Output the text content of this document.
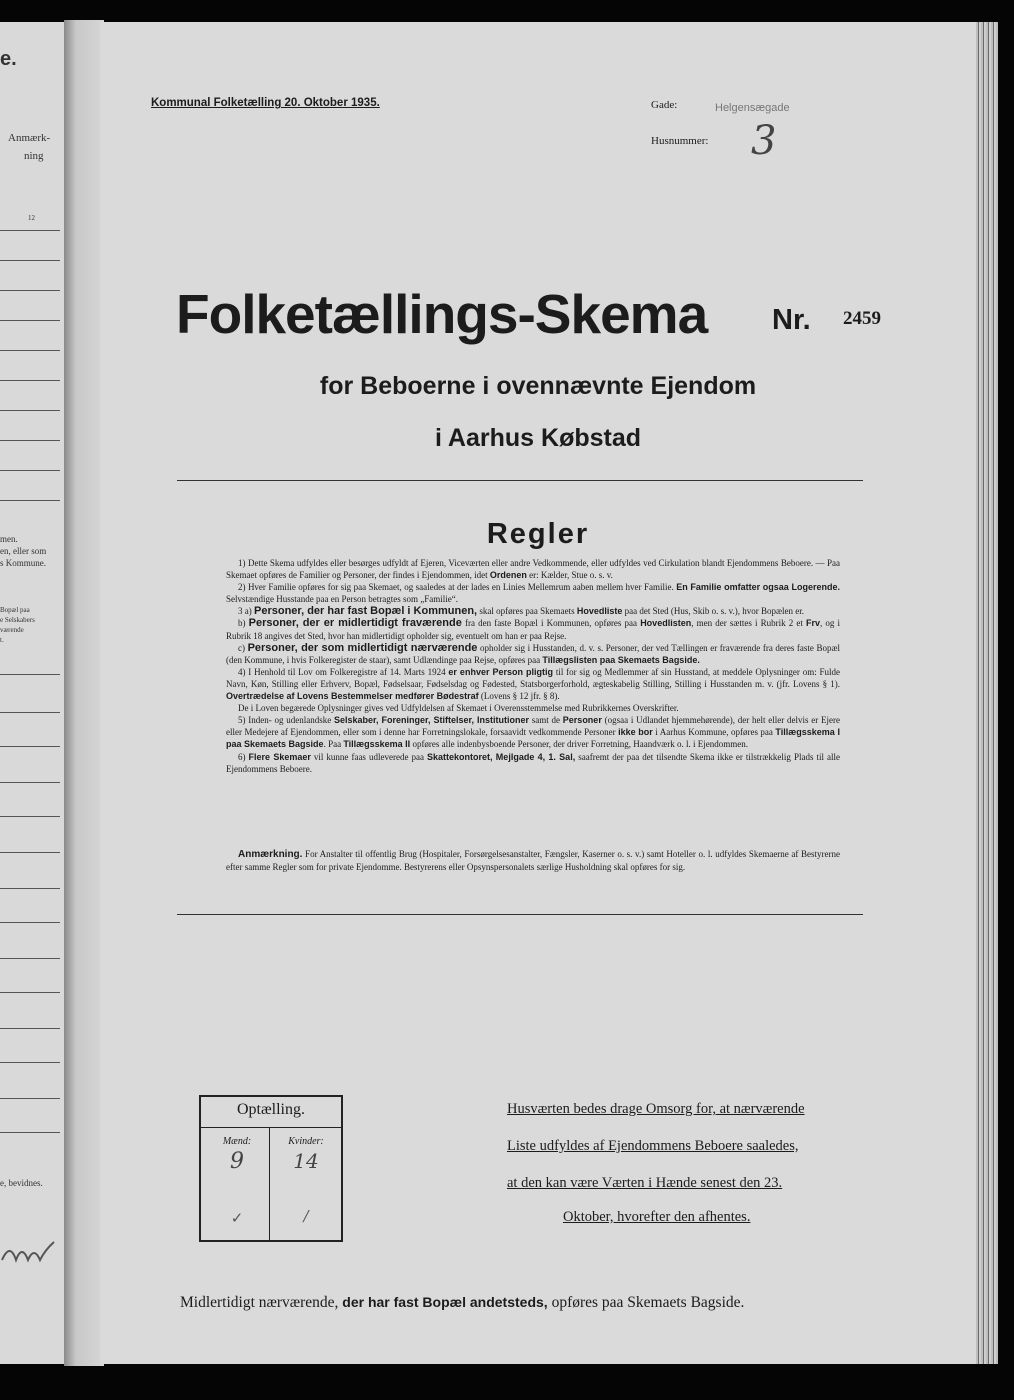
e.
Anmærk-
ning
12
men.
en, eller som
s Kommune.
Bopæl paa
e Selskabers
værende
t.
e, bevidnes.
Kommunal Folketælling 20. Oktober 1935.	Gade:	Helgensægade
Husnummer: 3
Folketællings-Skema Nr. 2459
for Beboerne i ovennævnte Ejendom
i Aarhus Købstad
Regler

1) Dette Skema udfyldes eller besørges udfyldt af Ejeren, Viceværten eller andre Vedkommende, eller udfyldes ved Cirkulation blandt Ejendommens Beboere. — Paa Skemaet opføres de Familier og Personer, der findes i Ejendommen, idet Ordenen er: Kælder, Stue o. s. v.

2) Hver Familie opføres for sig paa Skemaet, og saaledes at der lades en Linies Mellemrum aaben mellem hver Familie. En Familie omfatter ogsaa Logerende. Selvstændige Husstande paa en Person betragtes som „Familie“.

3 a) Personer, der har fast Bopæl i Kommunen, skal opføres paa Skemaets Hovedliste paa det Sted (Hus, Skib o. s. v.), hvor Bopælen er.

b) Personer, der er midlertidigt fraværende fra den faste Bopæl i Kommunen, opføres paa Hovedlisten, men der sættes i Rubrik 2 et Frv, og i Rubrik 18 angives det Sted, hvor han midlertidigt opholder sig, eventuelt om han er paa Rejse.

c) Personer, der som midlertidigt nærværende opholder sig i Husstanden, d. v. s. Personer, der ved Tællingen er fraværende fra deres faste Bopæl (den Kommune, i hvis Folkeregister de staar), samt Udlændinge paa Rejse, opføres paa Tillægslisten paa Skemaets Bagside.

4) I Henhold til Lov om Folkeregistre af 14. Marts 1924 er enhver Person pligtig til for sig og Medlemmer af sin Husstand, at meddele Oplysninger om: Fulde Navn, Køn, Stilling eller Erhverv, Bopæl, Fødselsaar, Fødselsdag og Fødested, Statsborgerforhold, ægteskabelig Stilling, Stilling i Husstanden m. v. (jfr. Lovens § 1). Overtrædelse af Lovens Bestemmelser medfører Bødestraf (Lovens § 12 jfr. § 8).

De i Loven begærede Oplysninger gives ved Udfyldelsen af Skemaet i Overensstemmelse med Rubrikkernes Overskrifter.

5) Inden- og udenlandske Selskaber, Foreninger, Stiftelser, Institutioner samt de Personer (ogsaa i Udlandet hjemmehørende), der helt eller delvis er Ejere eller Medejere af Ejendommen, eller som i denne har Forretningslokale, forsaavidt vedkommende Personer ikke bor i Aarhus Kommune, opføres paa Tillægsskema I paa Skemaets Bagside. Paa Tillægsskema II opføres alle indenbysboende Personer, der driver Forretning, Haandværk o. l. i Ejendommen.

6) Flere Skemaer vil kunne faas udleverede paa Skattekontoret, Mejlgade 4, 1. Sal, saafremt der paa det tilsendte Skema ikke er tilstrækkelig Plads til alle Ejendommens Beboere.

Anmærkning. For Anstalter til offentlig Brug (Hospitaler, Forsørgelsesanstalter, Fængsler, Kaserner o. s. v.) samt Hoteller o. l. udfyldes Skemaerne af Bestyrerne efter samme Regler som for private Ejendomme. Bestyrerens eller Opsynspersonalets særlige Husholdning skal opføres for sig.
Optælling.
Mænd:	Kvinder:
9	14
✓	/
Husværten bedes drage Omsorg for, at nærværende
Liste udfyldes af Ejendommens Beboere saaledes,
at den kan være Værten i Hænde senest den 23.
Oktober, hvorefter den afhentes.
Midlertidigt nærværende, der har fast Bopæl andetsteds, opføres paa Skemaets Bagside.
